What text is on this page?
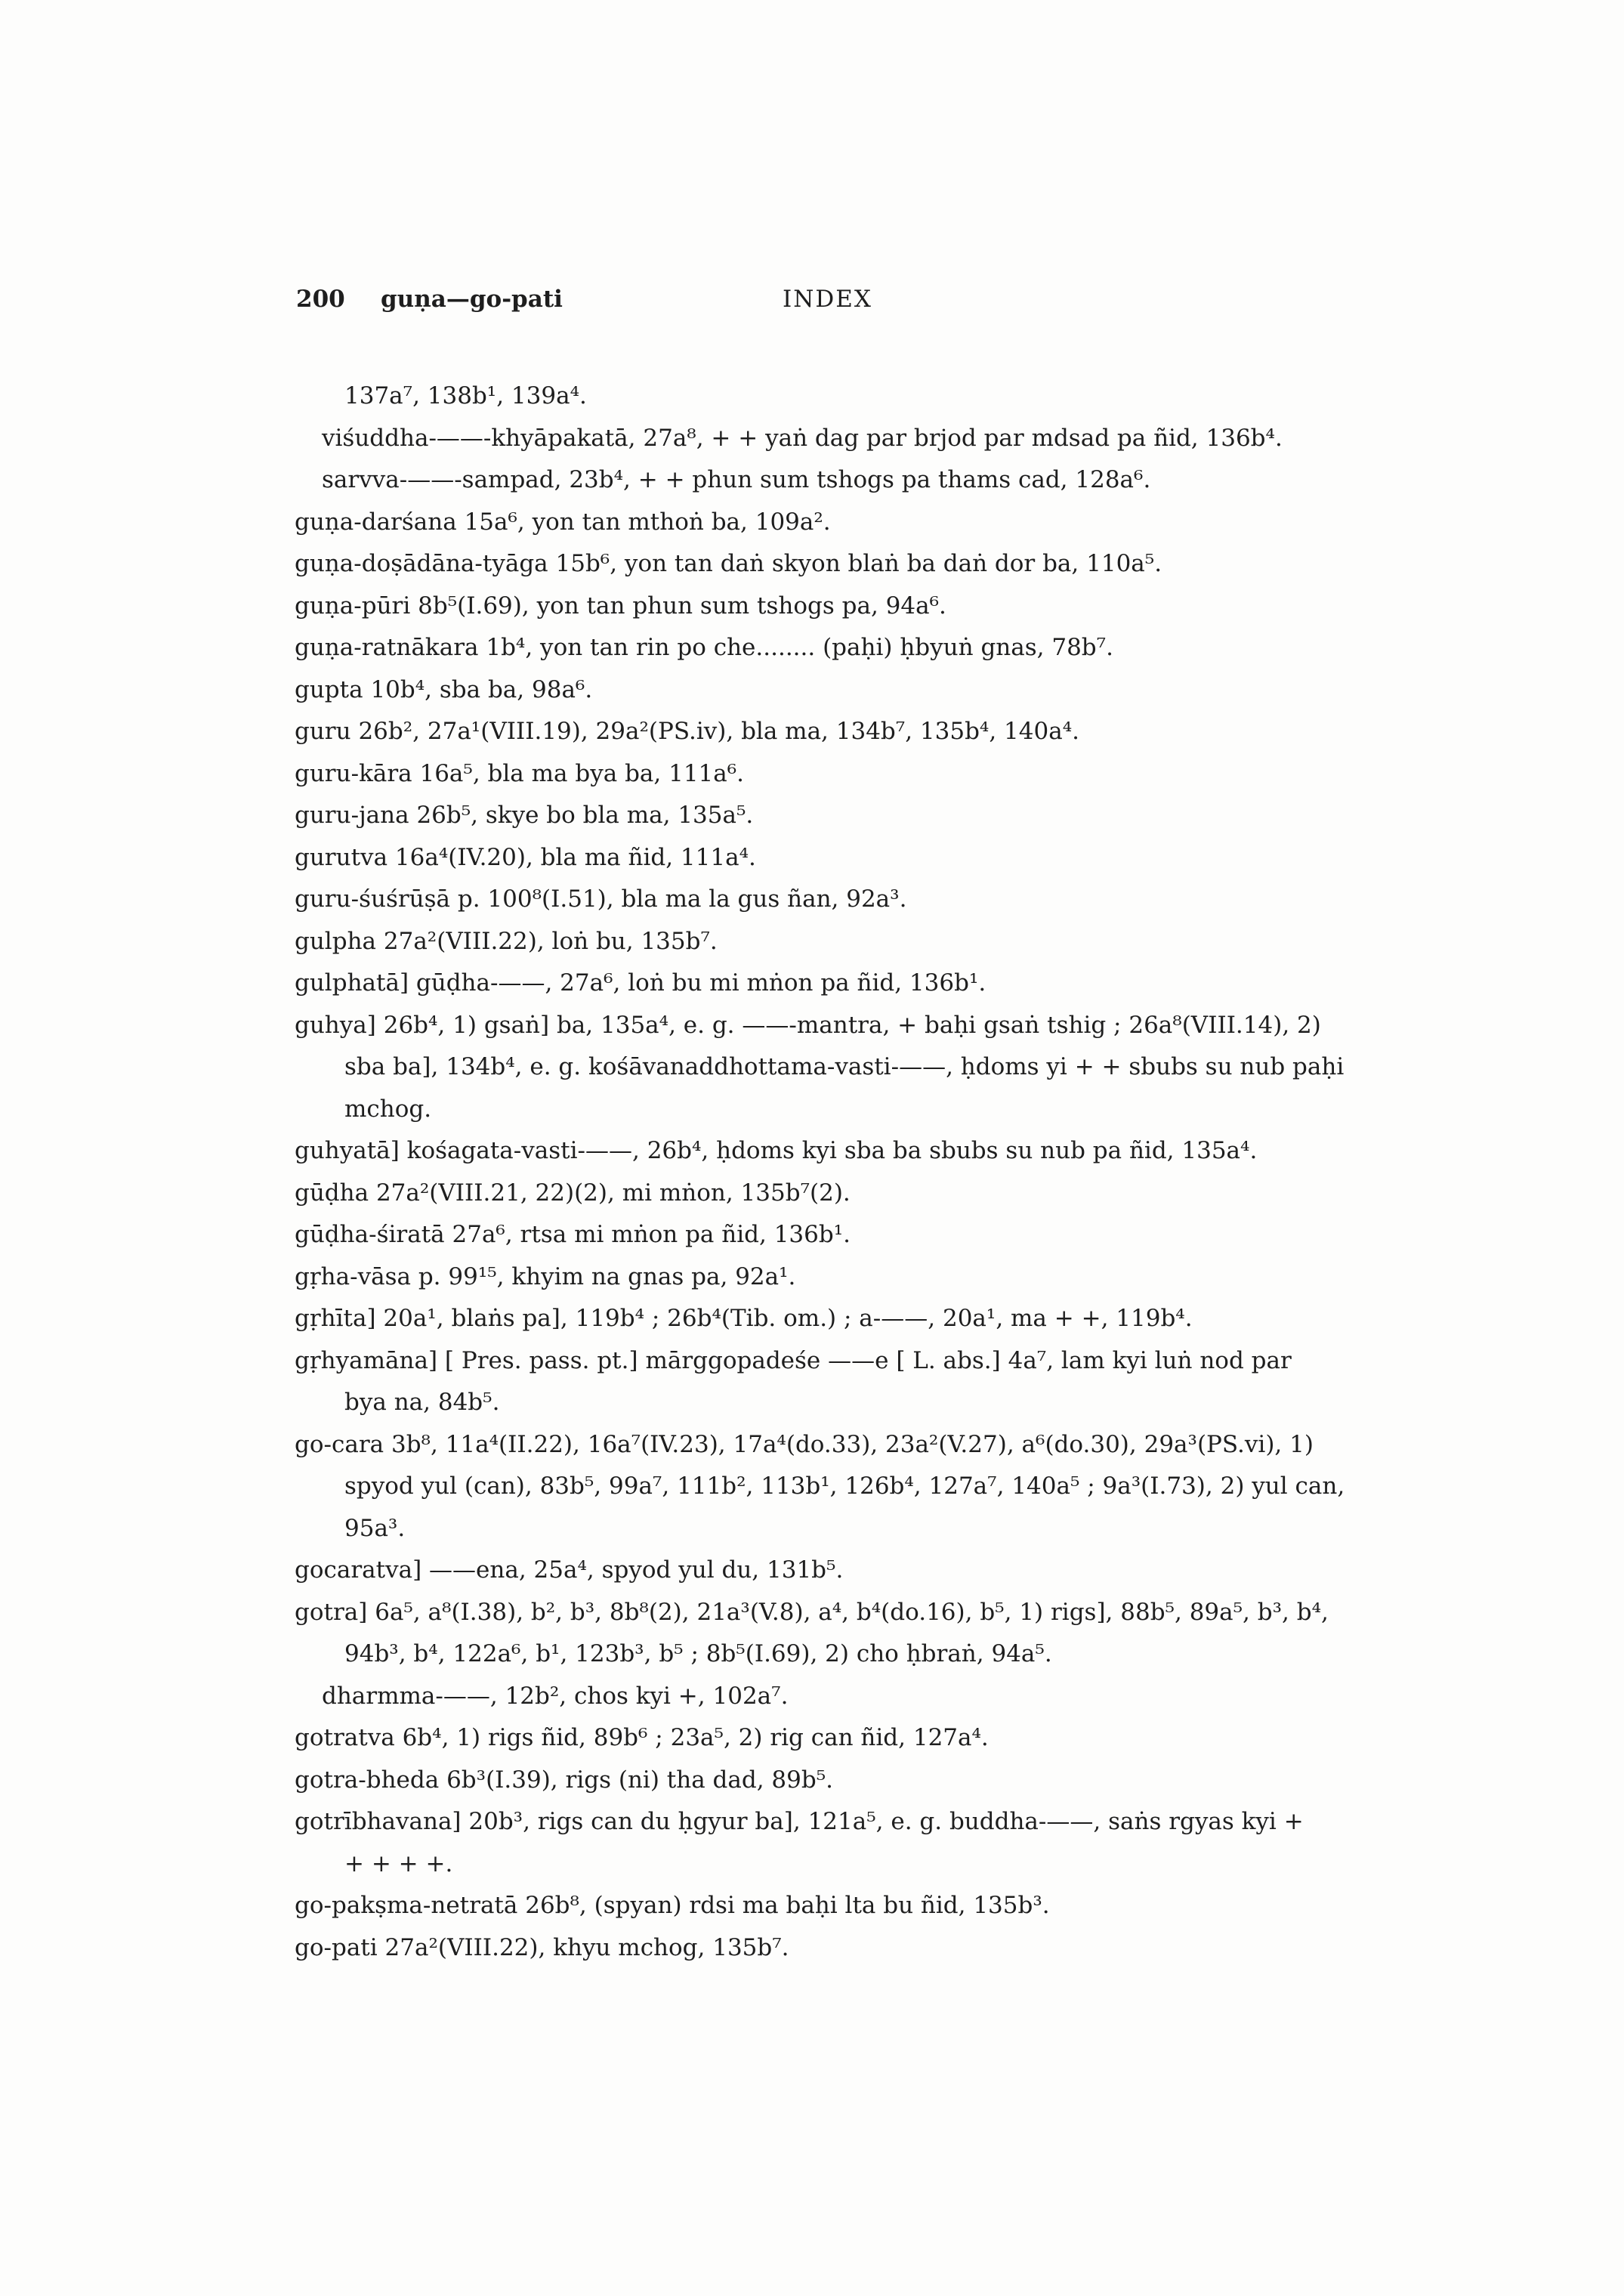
200 guṇa—go-pati	INDEX
137a⁷, 138b¹, 139a⁴.
viśuddha-——-khyāpakatā, 27a⁸, + + yaṅ dag par brjod par mdsad pa ñid, 136b⁴.
sarvva-——-sampad, 23b⁴, + + phun sum tshogs pa thams cad, 128a⁶.
guṇa-darśana 15a⁶, yon tan mthoṅ ba, 109a².
guṇa-doṣādāna-tyāga 15b⁶, yon tan daṅ skyon blaṅ ba daṅ dor ba, 110a⁵.
guṇa-pūri 8b⁵(I.69), yon tan phun sum tshogs pa, 94a⁶.
guṇa-ratnākara 1b⁴, yon tan rin po che........ (paḥi) ḥbyuṅ gnas, 78b⁷.
gupta 10b⁴, sba ba, 98a⁶.
guru 26b², 27a¹(VIII.19), 29a²(PS.iv), bla ma, 134b⁷, 135b⁴, 140a⁴.
guru-kāra 16a⁵, bla ma bya ba, 111a⁶.
guru-jana 26b⁵, skye bo bla ma, 135a⁵.
gurutva 16a⁴(IV.20), bla ma ñid, 111a⁴.
guru-śuśrūṣā p. 100⁸(I.51), bla ma la gus ñan, 92a³.
gulpha 27a²(VIII.22), loṅ bu, 135b⁷.
gulphatā] gūḍha-——, 27a⁶, loṅ bu mi mṅon pa ñid, 136b¹.
guhya] 26b⁴, 1) gsaṅ] ba, 135a⁴, e. g. ——-mantra, + baḥi gsaṅ tshig ; 26a⁸(VIII.14), 2)
sba ba], 134b⁴, e. g. kośāvanaddhottama-vasti-——, ḥdoms yi + + sbubs su nub paḥi
mchog.
guhyatā] kośagata-vasti-——, 26b⁴, ḥdoms kyi sba ba sbubs su nub pa ñid, 135a⁴.
gūḍha 27a²(VIII.21, 22)(2), mi mṅon, 135b⁷(2).
gūḍha-śiratā 27a⁶, rtsa mi mṅon pa ñid, 136b¹.
gṛha-vāsa p. 99¹⁵, khyim na gnas pa, 92a¹.
gṛhīta] 20a¹, blaṅs pa], 119b⁴ ; 26b⁴(Tib. om.) ; a-——, 20a¹, ma + +, 119b⁴.
gṛhyamāna] [ Pres. pass. pt.] mārggopadeśe ——e [ L. abs.] 4a⁷, lam kyi luṅ nod par
bya na, 84b⁵.
go-cara 3b⁸, 11a⁴(II.22), 16a⁷(IV.23), 17a⁴(do.33), 23a²(V.27), a⁶(do.30), 29a³(PS.vi), 1)
spyod yul (can), 83b⁵, 99a⁷, 111b², 113b¹, 126b⁴, 127a⁷, 140a⁵ ; 9a³(I.73), 2) yul can,
95a³.
gocaratva] ——ena, 25a⁴, spyod yul du, 131b⁵.
gotra] 6a⁵, a⁸(I.38), b², b³, 8b⁸(2), 21a³(V.8), a⁴, b⁴(do.16), b⁵, 1) rigs], 88b⁵, 89a⁵, b³, b⁴,
94b³, b⁴, 122a⁶, b¹, 123b³, b⁵ ; 8b⁵(I.69), 2) cho ḥbraṅ, 94a⁵.
dharmma-——, 12b², chos kyi +, 102a⁷.
gotratva 6b⁴, 1) rigs ñid, 89b⁶ ; 23a⁵, 2) rig can ñid, 127a⁴.
gotra-bheda 6b³(I.39), rigs (ni) tha dad, 89b⁵.
gotrībhavana] 20b³, rigs can du ḥgyur ba], 121a⁵, e. g. buddha-——, saṅs rgyas kyi +
+ + + +.
go-pakṣma-netratā 26b⁸, (spyan) rdsi ma baḥi lta bu ñid, 135b³.
go-pati 27a²(VIII.22), khyu mchog, 135b⁷.
